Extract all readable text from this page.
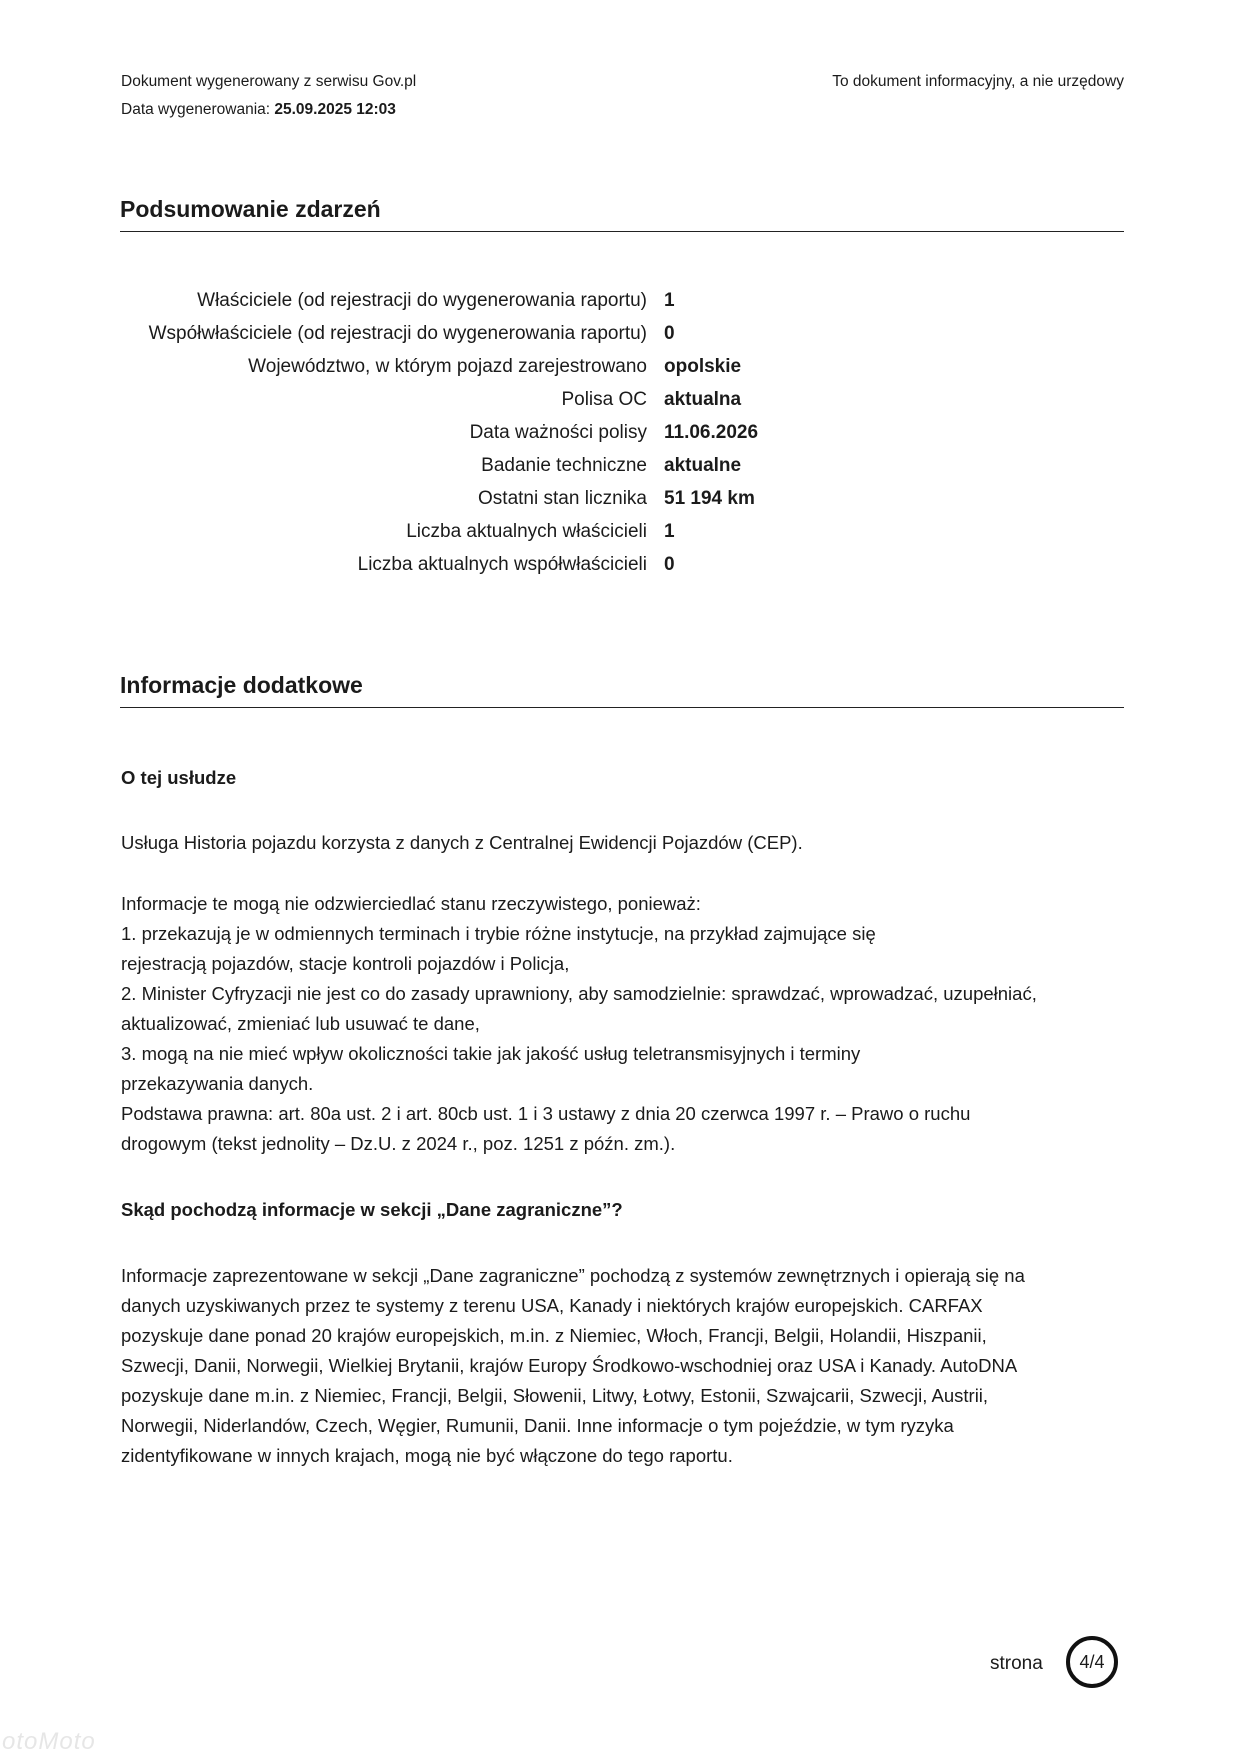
Dokument wygenerowany z serwisu Gov.pl
Data wygenerowania: 25.09.2025 12:03
To dokument informacyjny, a nie urzędowy
Podsumowanie zdarzeń
Właściciele (od rejestracji do wygenerowania raportu)	1
Współwłaściciele (od rejestracji do wygenerowania raportu)	0
Województwo, w którym pojazd zarejestrowano	opolskie
Polisa OC	aktualna
Data ważności polisy	11.06.2026
Badanie techniczne	aktualne
Ostatni stan licznika	51 194 km
Liczba aktualnych właścicieli	1
Liczba aktualnych współwłaścicieli	0
Informacje dodatkowe
O tej usłudze
Usługa Historia pojazdu korzysta z danych z Centralnej Ewidencji Pojazdów (CEP).
Informacje te mogą nie odzwierciedlać stanu rzeczywistego, ponieważ:
1. przekazują je w odmiennych terminach i trybie różne instytucje, na przykład zajmujące się
rejestracją pojazdów, stacje kontroli pojazdów i Policja,
2. Minister Cyfryzacji nie jest co do zasady uprawniony, aby samodzielnie: sprawdzać, wprowadzać, uzupełniać,
aktualizować, zmieniać lub usuwać te dane,
3. mogą na nie mieć wpływ okoliczności takie jak jakość usług teletransmisyjnych i terminy
przekazywania danych.
Podstawa prawna: art. 80a ust. 2 i art. 80cb ust. 1 i 3 ustawy z dnia 20 czerwca 1997 r. – Prawo o ruchu
drogowym (tekst jednolity – Dz.U. z 2024 r., poz. 1251 z późn. zm.).
Skąd pochodzą informacje w sekcji „Dane zagraniczne”?
Informacje zaprezentowane w sekcji „Dane zagraniczne” pochodzą z systemów zewnętrznych i opierają się na
danych uzyskiwanych przez te systemy z terenu USA, Kanady i niektórych krajów europejskich. CARFAX
pozyskuje dane ponad 20 krajów europejskich, m.in. z Niemiec, Włoch, Francji, Belgii, Holandii, Hiszpanii,
Szwecji, Danii, Norwegii, Wielkiej Brytanii, krajów Europy Środkowo-wschodniej oraz USA i Kanady. AutoDNA
pozyskuje dane m.in. z Niemiec, Francji, Belgii, Słowenii, Litwy, Łotwy, Estonii, Szwajcarii, Szwecji, Austrii,
Norwegii, Niderlandów, Czech, Węgier, Rumunii, Danii. Inne informacje o tym pojeździe, w tym ryzyka
zidentyfikowane w innych krajach, mogą nie być włączone do tego raportu.
strona 4/4
otoMoto
